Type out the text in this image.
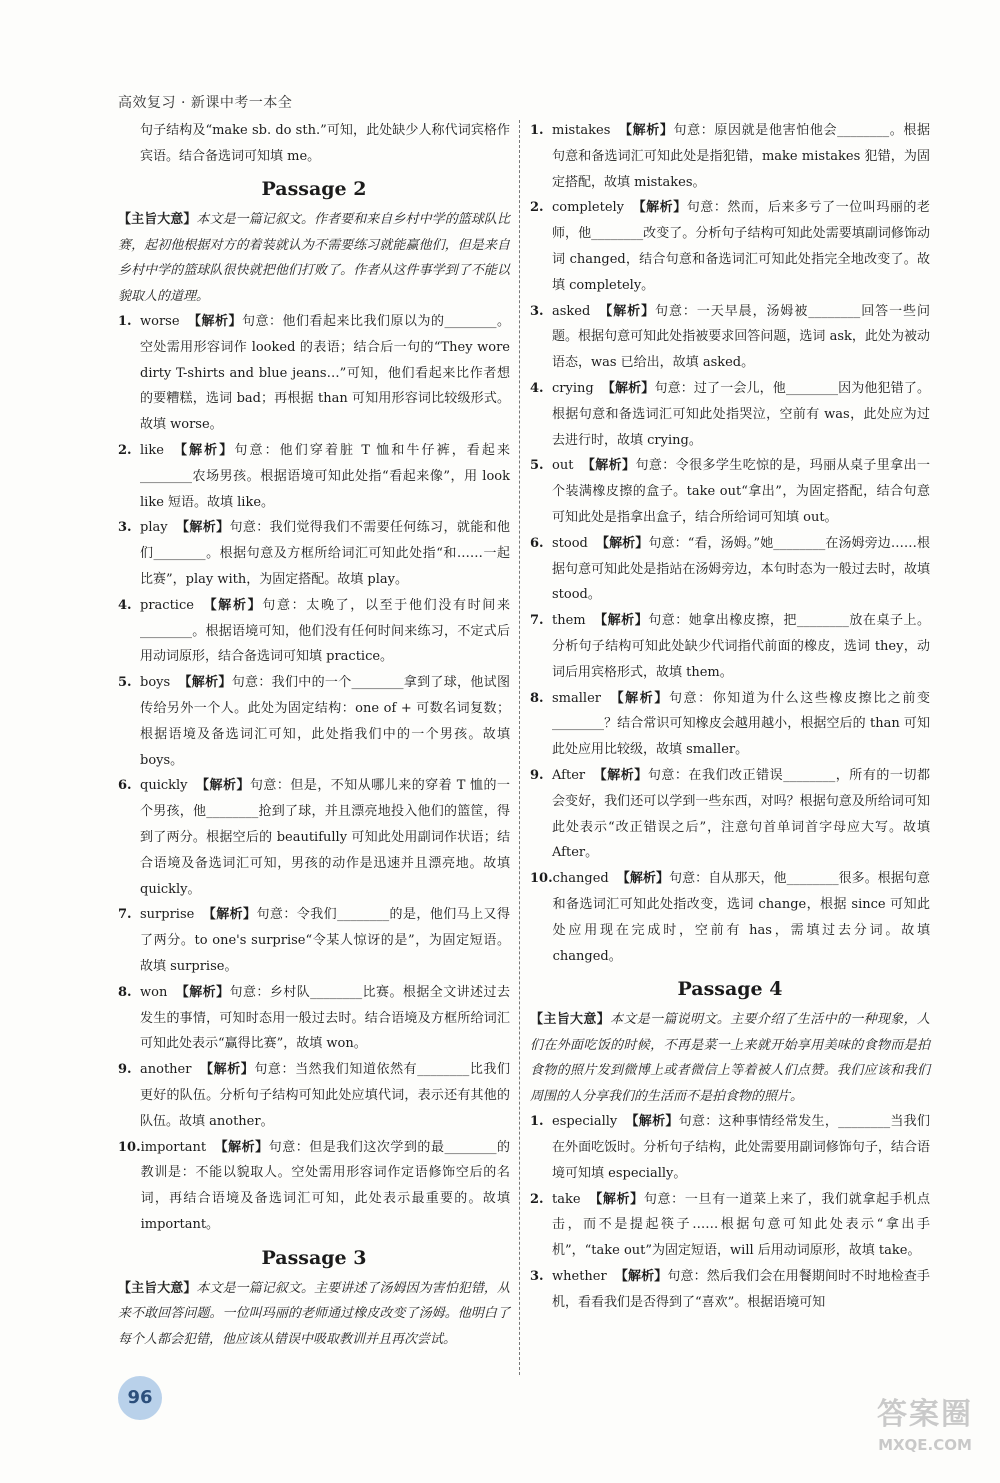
高效复习 · 新课中考一本全
句子结构及“make sb. do sth.”可知，此处缺少人称代词宾格作宾语。结合备选词可知填 me。
Passage 2
【主旨大意】本文是一篇记叙文。作者要和来自乡村中学的篮球队比赛，起初他根据对方的着装就认为不需要练习就能赢他们，但是来自乡村中学的篮球队很快就把他们打败了。作者从这件事学到了不能以貌取人的道理。
1. worse 【解析】句意：他们看起来比我们原以为的________。空处需用形容词作 looked 的表语；结合后一句的“They wore dirty T-shirts and blue jeans…”可知，他们看起来比作者想的要糟糕，选词 bad；再根据 than 可知用形容词比较级形式。故填 worse。
2. like 【解析】句意：他们穿着脏 T 恤和牛仔裤，看起来________农场男孩。根据语境可知此处指“看起来像”，用 look like 短语。故填 like。
3. play 【解析】句意：我们觉得我们不需要任何练习，就能和他们________。根据句意及方框所给词汇可知此处指“和……一起比赛”，play with，为固定搭配。故填 play。
4. practice 【解析】句意：太晚了，以至于他们没有时间来________。根据语境可知，他们没有任何时间来练习，不定式后用动词原形，结合备选词可知填 practice。
5. boys 【解析】句意：我们中的一个________拿到了球，他试图传给另外一个人。此处为固定结构：one of + 可数名词复数；根据语境及备选词汇可知，此处指我们中的一个男孩。故填 boys。
6. quickly 【解析】句意：但是，不知从哪儿来的穿着 T 恤的一个男孩，他________抢到了球，并且漂亮地投入他们的篮筐，得到了两分。根据空后的 beautifully 可知此处用副词作状语；结合语境及备选词汇可知，男孩的动作是迅速并且漂亮地。故填 quickly。
7. surprise 【解析】句意：令我们________的是，他们马上又得了两分。to one's surprise“令某人惊讶的是”，为固定短语。故填 surprise。
8. won 【解析】句意：乡村队________比赛。根据全文讲述过去发生的事情，可知时态用一般过去时。结合语境及方框所给词汇可知此处表示“赢得比赛”，故填 won。
9. another 【解析】句意：当然我们知道依然有________比我们更好的队伍。分析句子结构可知此处应填代词，表示还有其他的队伍。故填 another。
10. important 【解析】句意：但是我们这次学到的最________的教训是：不能以貌取人。空处需用形容词作定语修饰空后的名词，再结合语境及备选词汇可知，此处表示最重要的。故填 important。
Passage 3
【主旨大意】本文是一篇记叙文。主要讲述了汤姆因为害怕犯错，从来不敢回答问题。一位叫玛丽的老师通过橡皮改变了汤姆。他明白了每个人都会犯错，他应该从错误中吸取教训并且再次尝试。
1. mistakes 【解析】句意：原因就是他害怕他会________。根据句意和备选词汇可知此处是指犯错，make mistakes 犯错，为固定搭配，故填 mistakes。
2. completely 【解析】句意：然而，后来多亏了一位叫玛丽的老师，他________改变了。分析句子结构可知此处需要填副词修饰动词 changed，结合句意和备选词汇可知此处指完全地改变了。故填 completely。
3. asked 【解析】句意：一天早晨，汤姆被________回答一些问题。根据句意可知此处指被要求回答问题，选词 ask，此处为被动语态，was 已给出，故填 asked。
4. crying 【解析】句意：过了一会儿，他________因为他犯错了。根据句意和备选词汇可知此处指哭泣，空前有 was，此处应为过去进行时，故填 crying。
5. out 【解析】句意：令很多学生吃惊的是，玛丽从桌子里拿出一个装满橡皮擦的盒子。take out“拿出”，为固定搭配，结合句意可知此处是指拿出盒子，结合所给词可知填 out。
6. stood 【解析】句意：“看，汤姆。”她________在汤姆旁边……根据句意可知此处是指站在汤姆旁边，本句时态为一般过去时，故填 stood。
7. them 【解析】句意：她拿出橡皮擦，把________放在桌子上。分析句子结构可知此处缺少代词指代前面的橡皮，选词 they，动词后用宾格形式，故填 them。
8. smaller 【解析】句意：你知道为什么这些橡皮擦比之前变________？结合常识可知橡皮会越用越小，根据空后的 than 可知此处应用比较级，故填 smaller。
9. After 【解析】句意：在我们改正错误________，所有的一切都会变好，我们还可以学到一些东西，对吗？根据句意及所给词可知此处表示“改正错误之后”，注意句首单词首字母应大写。故填 After。
10. changed 【解析】句意：自从那天，他________很多。根据句意和备选词汇可知此处指改变，选词 change，根据 since 可知此处应用现在完成时，空前有 has，需填过去分词。故填 changed。
Passage 4
【主旨大意】本文是一篇说明文。主要介绍了生活中的一种现象，人们在外面吃饭的时候，不再是菜一上来就开始享用美味的食物而是拍食物的照片发到微博上或者微信上等着被人们点赞。我们应该和我们周围的人分享我们的生活而不是拍食物的照片。
1. especially 【解析】句意：这种事情经常发生，________当我们在外面吃饭时。分析句子结构，此处需要用副词修饰句子，结合语境可知填 especially。
2. take 【解析】句意：一旦有一道菜上来了，我们就拿起手机点击，而不是提起筷子……根据句意可知此处表示“拿出手机”，“take out”为固定短语，will 后用动词原形，故填 take。
3. whether 【解析】句意：然后我们会在用餐期间时不时地检查手机，看看我们是否得到了“喜欢”。根据语境可知
96	答案圈
MXQE.COM
